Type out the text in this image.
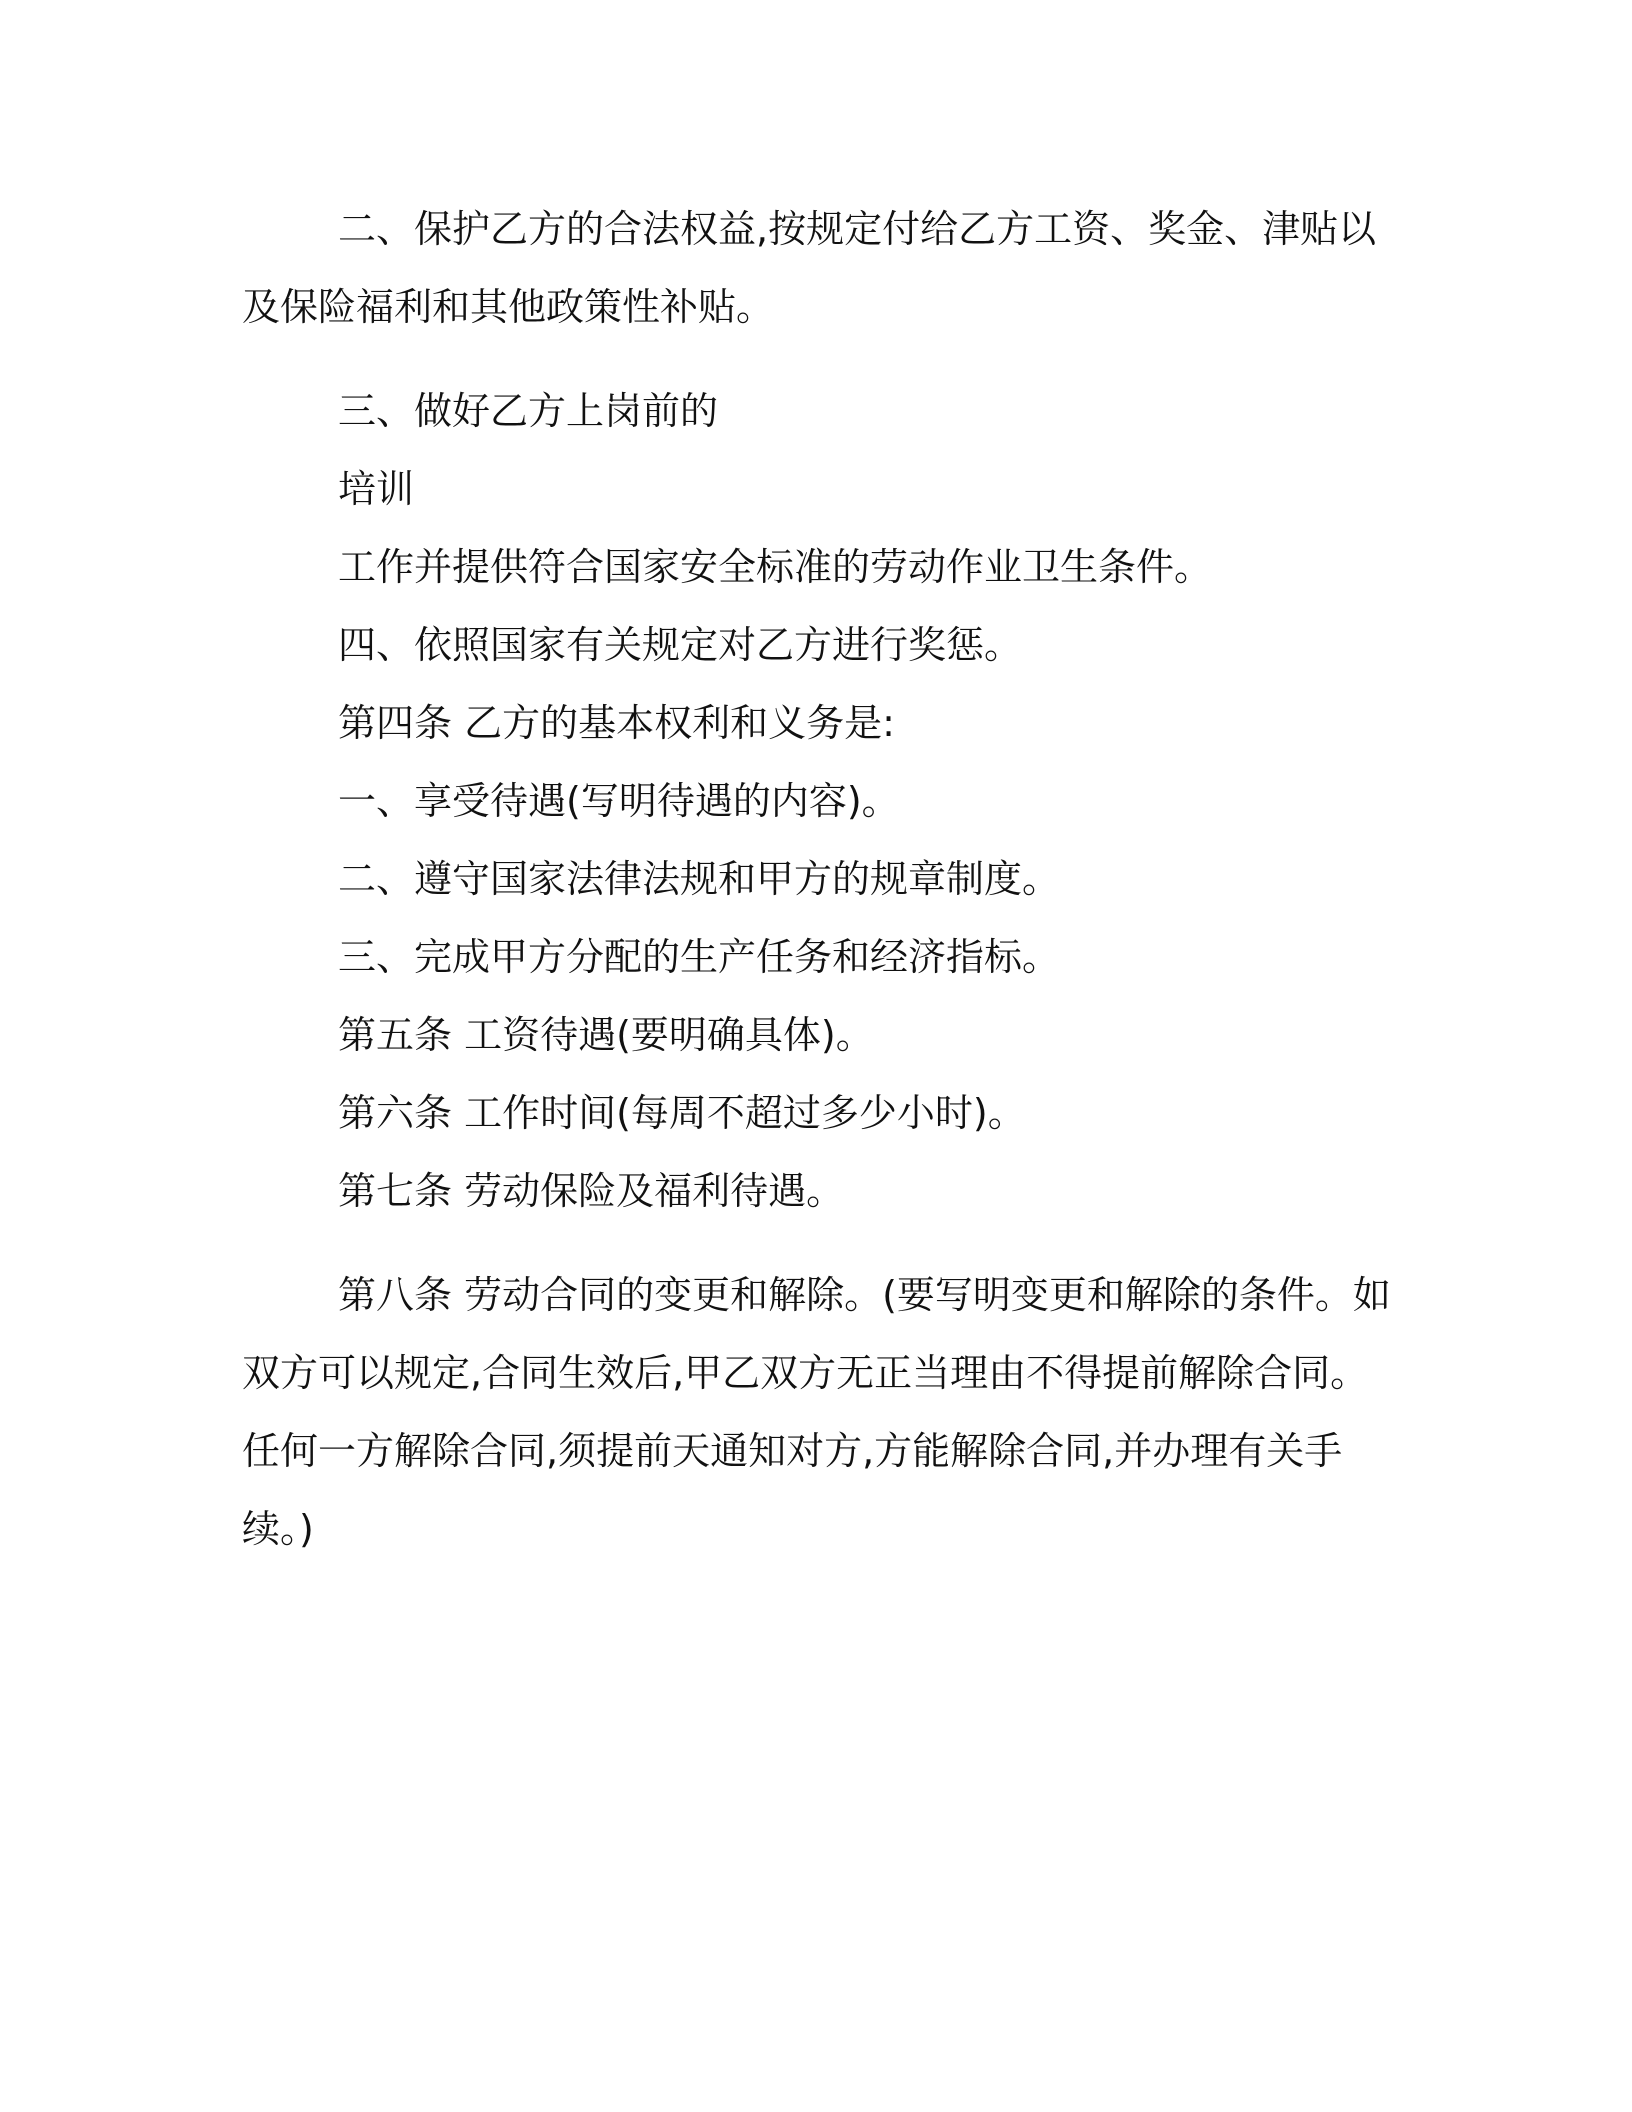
二、保护乙方的合法权益,按规定付给乙方工资、奖金、津贴以及保险福利和其他政策性补贴。

三、做好乙方上岗前的

培训

工作并提供符合国家安全标准的劳动作业卫生条件。

四、依照国家有关规定对乙方进行奖惩。

第四条 乙方的基本权利和义务是:

一、享受待遇(写明待遇的内容)。

二、遵守国家法律法规和甲方的规章制度。

三、完成甲方分配的生产任务和经济指标。

第五条 工资待遇(要明确具体)。

第六条 工作时间(每周不超过多少小时)。

第七条 劳动保险及福利待遇。

第八条 劳动合同的变更和解除。(要写明变更和解除的条件。如双方可以规定,合同生效后,甲乙双方无正当理由不得提前解除合同。任何一方解除合同,须提前天通知对方,方能解除合同,并办理有关手续。)
